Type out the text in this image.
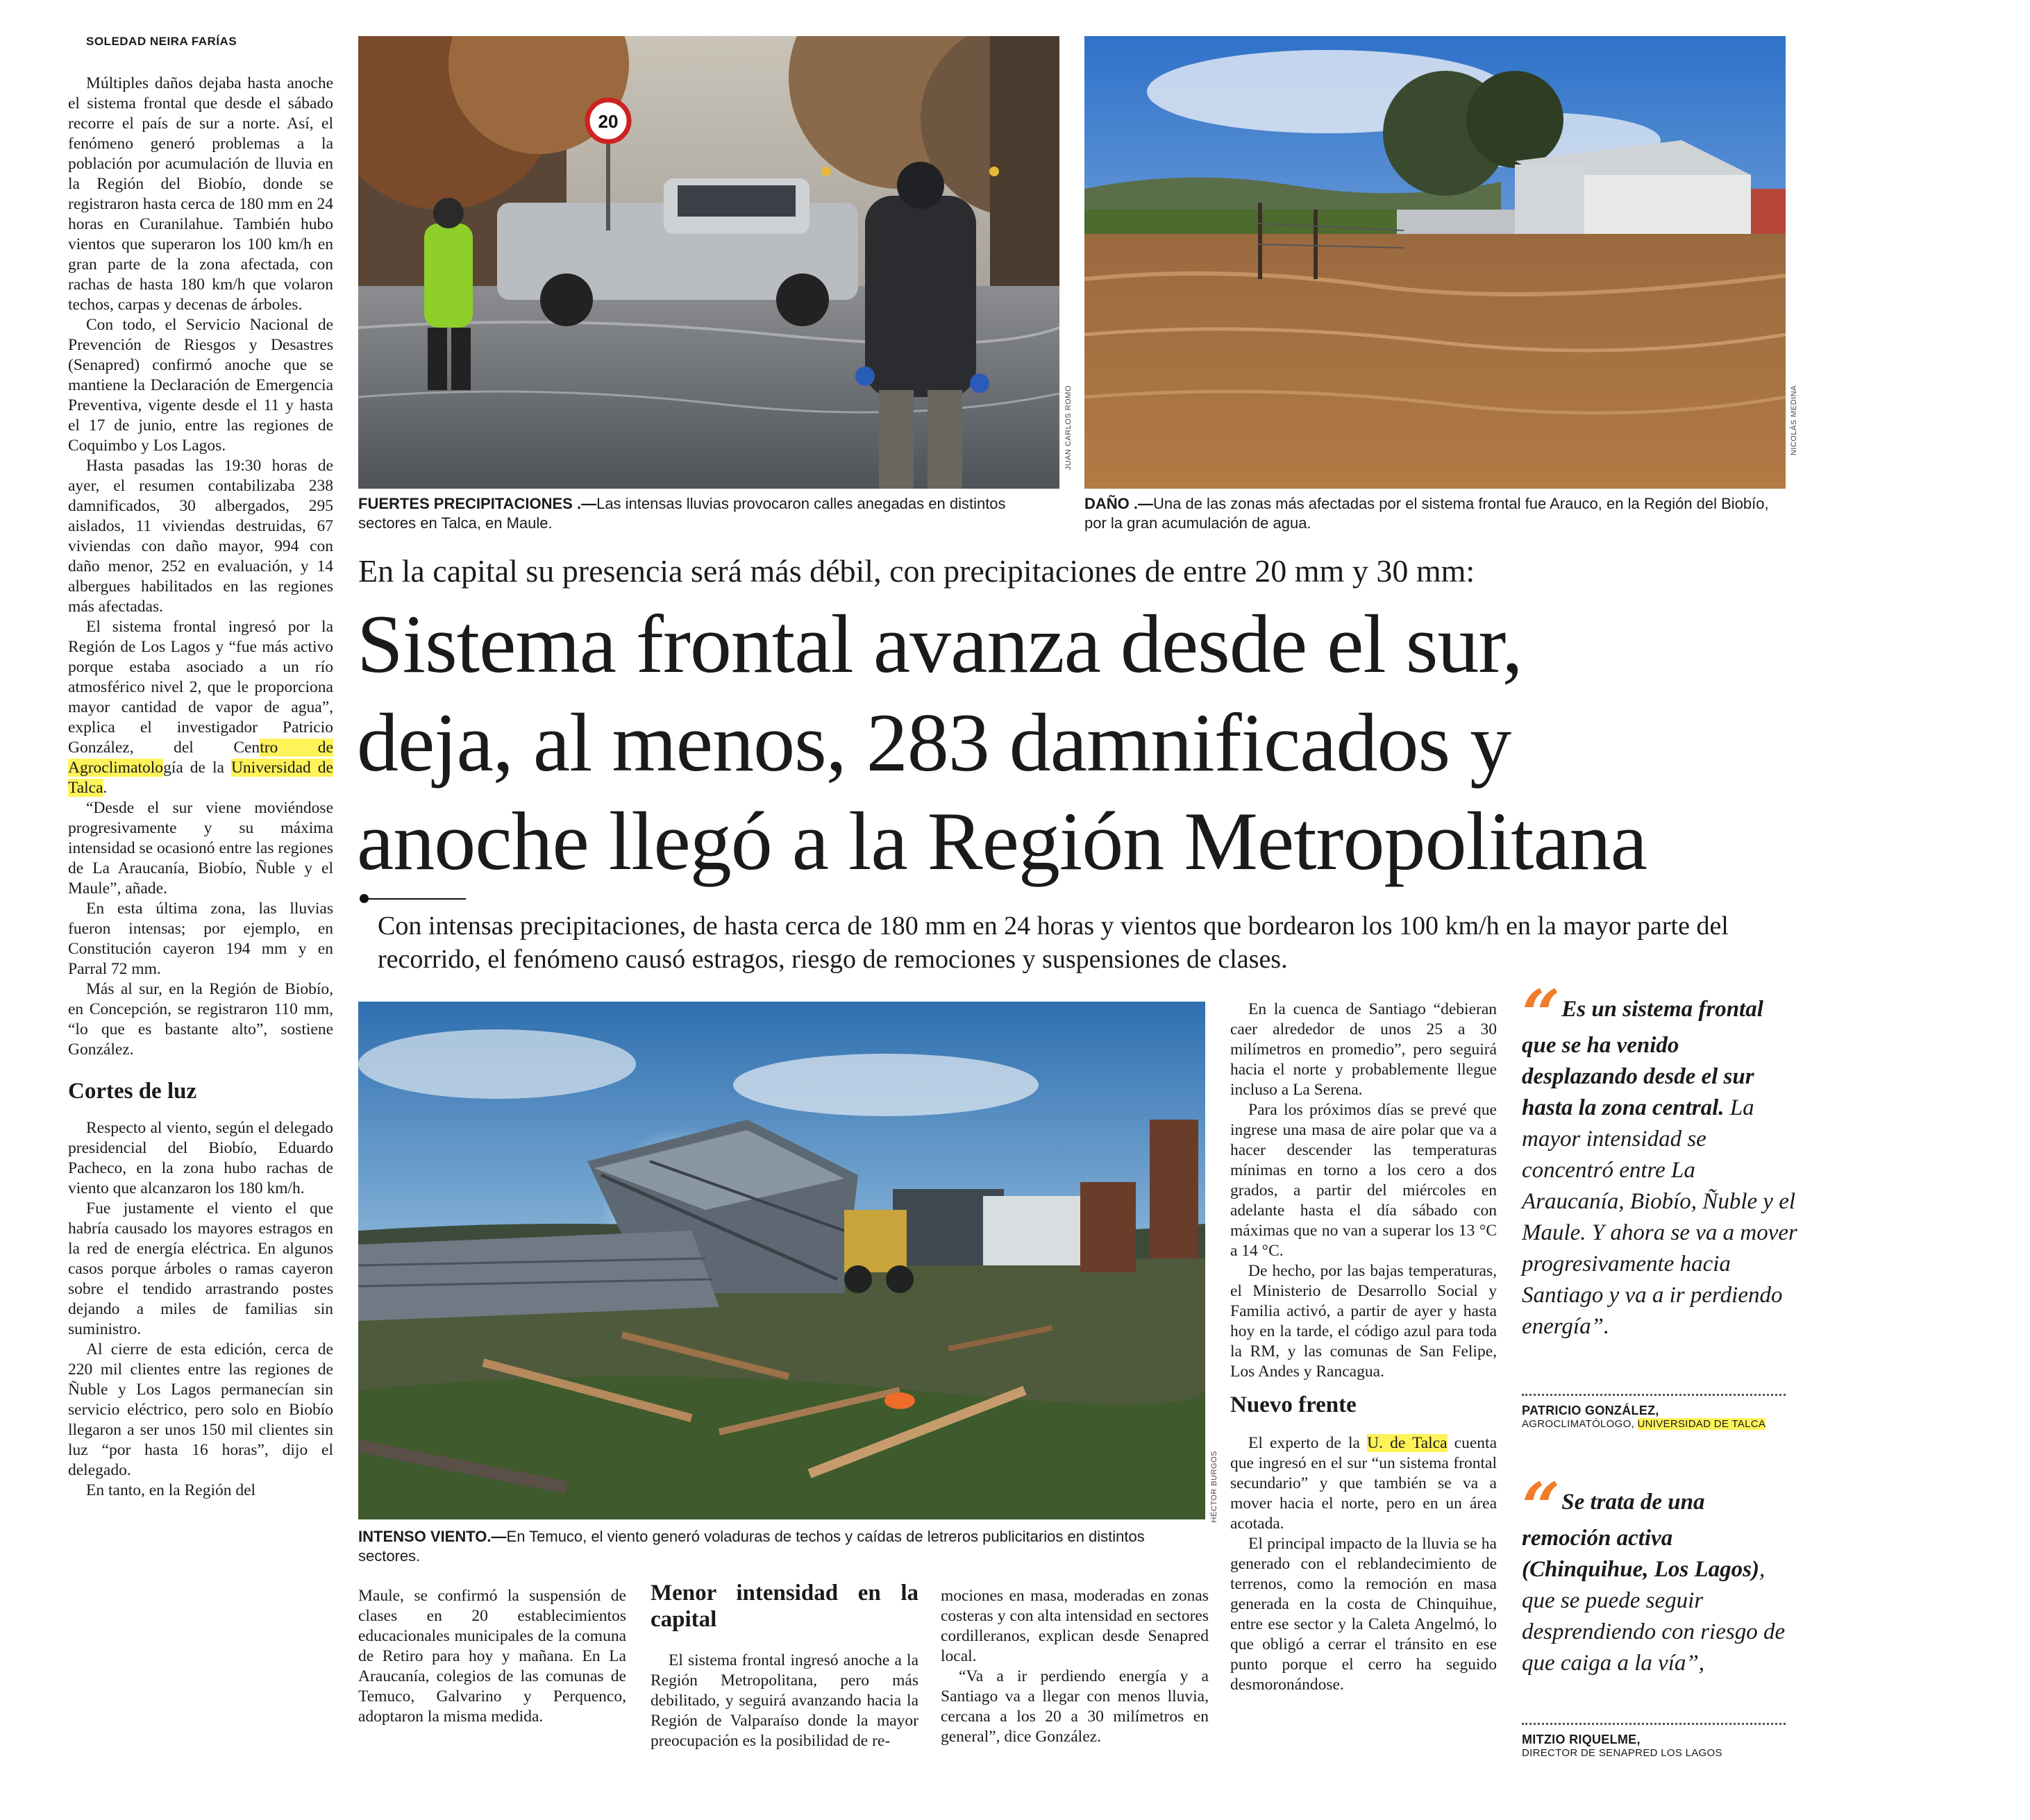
SOLEDAD NEIRA FARÍAS

Múltiples daños dejaba hasta anoche el sistema frontal que desde el sábado recorre el país de sur a norte. Así, el fenómeno generó problemas a la población por acumulación de lluvia en la Región del Biobío, donde se registraron hasta cerca de 180 mm en 24 horas en Curanilahue. También hubo vientos que superaron los 100 km/h en gran parte de la zona afectada, con rachas de hasta 180 km/h que volaron techos, carpas y decenas de árboles.

Con todo, el Servicio Nacional de Prevención de Riesgos y Desastres (Senapred) confirmó anoche que se mantiene la Declaración de Emergencia Preventiva, vigente desde el 11 y hasta el 17 de junio, entre las regiones de Coquimbo y Los Lagos.

Hasta pasadas las 19:30 horas de ayer, el resumen contabilizaba 238 damnificados, 30 albergados, 295 aislados, 11 viviendas destruidas, 67 viviendas con daño mayor, 994 con daño menor, 252 en evaluación, y 14 albergues habilitados en las regiones más afectadas.

El sistema frontal ingresó por la Región de Los Lagos y “fue más activo porque estaba asociado a un río atmosférico nivel 2, que le proporciona mayor cantidad de vapor de agua”, explica el investigador Patricio González, del Centro de Agroclimatología de la Universidad de Talca.

“Desde el sur viene moviéndose progresivamente y su máxima intensidad se ocasionó entre las regiones de La Araucanía, Biobío, Ñuble y el Maule”, añade.

En esta última zona, las lluvias fueron intensas; por ejemplo, en Constitución cayeron 194 mm y en Parral 72 mm.

Más al sur, en la Región de Biobío, en Concepción, se registraron 110 mm, “lo que es bastante alto”, sostiene González.

Cortes de luz

Respecto al viento, según el delegado presidencial del Biobío, Eduardo Pacheco, en la zona hubo rachas de viento que alcanzaron los 180 km/h.

Fue justamente el viento el que habría causado los mayores estragos en la red de energía eléctrica. En algunos casos porque árboles o ramas cayeron sobre el tendido arrastrando postes dejando a miles de familias sin suministro.

Al cierre de esta edición, cerca de 220 mil clientes entre las regiones de Ñuble y Los Lagos permanecían sin servicio eléctrico, pero solo en Biobío llegaron a ser unos 150 mil clientes sin luz “por hasta 16 horas”, dijo el delegado.

En tanto, en la Región del

20
JUAN CARLOS ROMO
FUERTES PRECIPITACIONES .—Las intensas lluvias provocaron calles anegadas en distintos sectores en Talca, en Maule.
NICOLÁS MEDINA
DAÑO .—Una de las zonas más afectadas por el sistema frontal fue Arauco, en la Región del Biobío, por la gran acumulación de agua.
En la capital su presencia será más débil, con precipitaciones de entre 20 mm y 30 mm:
Sistema frontal avanza desde el sur,
deja, al menos, 283 damnificados y
anoche llegó a la Región Metropolitana
Con intensas precipitaciones, de hasta cerca de 180 mm en 24 horas y vientos que bordearon los 100 km/h en la mayor parte del recorrido, el fenómeno causó estragos, riesgo de remociones y suspensiones de clases.
HÉCTOR BURGOS
INTENSO VIENTO.—En Temuco, el viento generó voladuras de techos y caídas de letreros publicitarios en distintos sectores.

Maule, se confirmó la suspensión de clases en 20 establecimientos educacionales municipales de la comuna de Retiro para hoy y mañana. En La Araucanía, colegios de las comunas de Temuco, Galvarino y Perquenco, adoptaron la misma medida.

Menor intensidad en la capital

El sistema frontal ingresó anoche a la Región Metropolitana, pero más debilitado, y seguirá avanzando hacia la Región de Valparaíso donde la mayor preocupación es la posibilidad de re-

mociones en masa, moderadas en zonas costeras y con alta intensidad en sectores cordilleranos, explican desde Senapred local.

“Va a ir perdiendo energía y a Santiago va a llegar con menos lluvia, cercana a los 20 a 30 milímetros en general”, dice González.

En la cuenca de Santiago “debieran caer alrededor de unos 25 a 30 milímetros en promedio”, pero seguirá hacia el norte y probablemente llegue incluso a La Serena.

Para los próximos días se prevé que ingrese una masa de aire polar que va a hacer descender las temperaturas mínimas en torno a los cero a dos grados, a partir del miércoles en adelante hasta el día sábado con máximas que no van a superar los 13 °C a 14 °C.

De hecho, por las bajas temperaturas, el Ministerio de Desarrollo Social y Familia activó, a partir de ayer y hasta hoy en la tarde, el código azul para toda la RM, y las comunas de San Felipe, Los Andes y Rancagua.

Nuevo frente

El experto de la U. de Talca cuenta que ingresó en el sur “un sistema frontal secundario” y que también se va a mover hacia el norte, pero en un área acotada.

El principal impacto de la lluvia se ha generado con el reblandecimiento de terrenos, como la remoción en masa generada en la costa de Chinquihue, entre ese sector y la Caleta Angelmó, lo que obligó a cerrar el tránsito en ese punto porque el cerro ha seguido desmoronándose.

“ Es un sistema frontal que se ha venido desplazando desde el sur hasta la zona central. La mayor intensidad se concentró entre La Araucanía, Biobío, Ñuble y el Maule. Y ahora se va a mover progresivamente hacia Santiago y va a ir perdiendo energía”.
PATRICIO GONZÁLEZ,
AGROCLIMATÓLOGO, UNIVERSIDAD DE TALCA
“ Se trata de una remoción activa (Chinquihue, Los Lagos), que se puede seguir desprendiendo con riesgo de que caiga a la vía”,
MITZIO RIQUELME,
DIRECTOR DE SENAPRED LOS LAGOS
